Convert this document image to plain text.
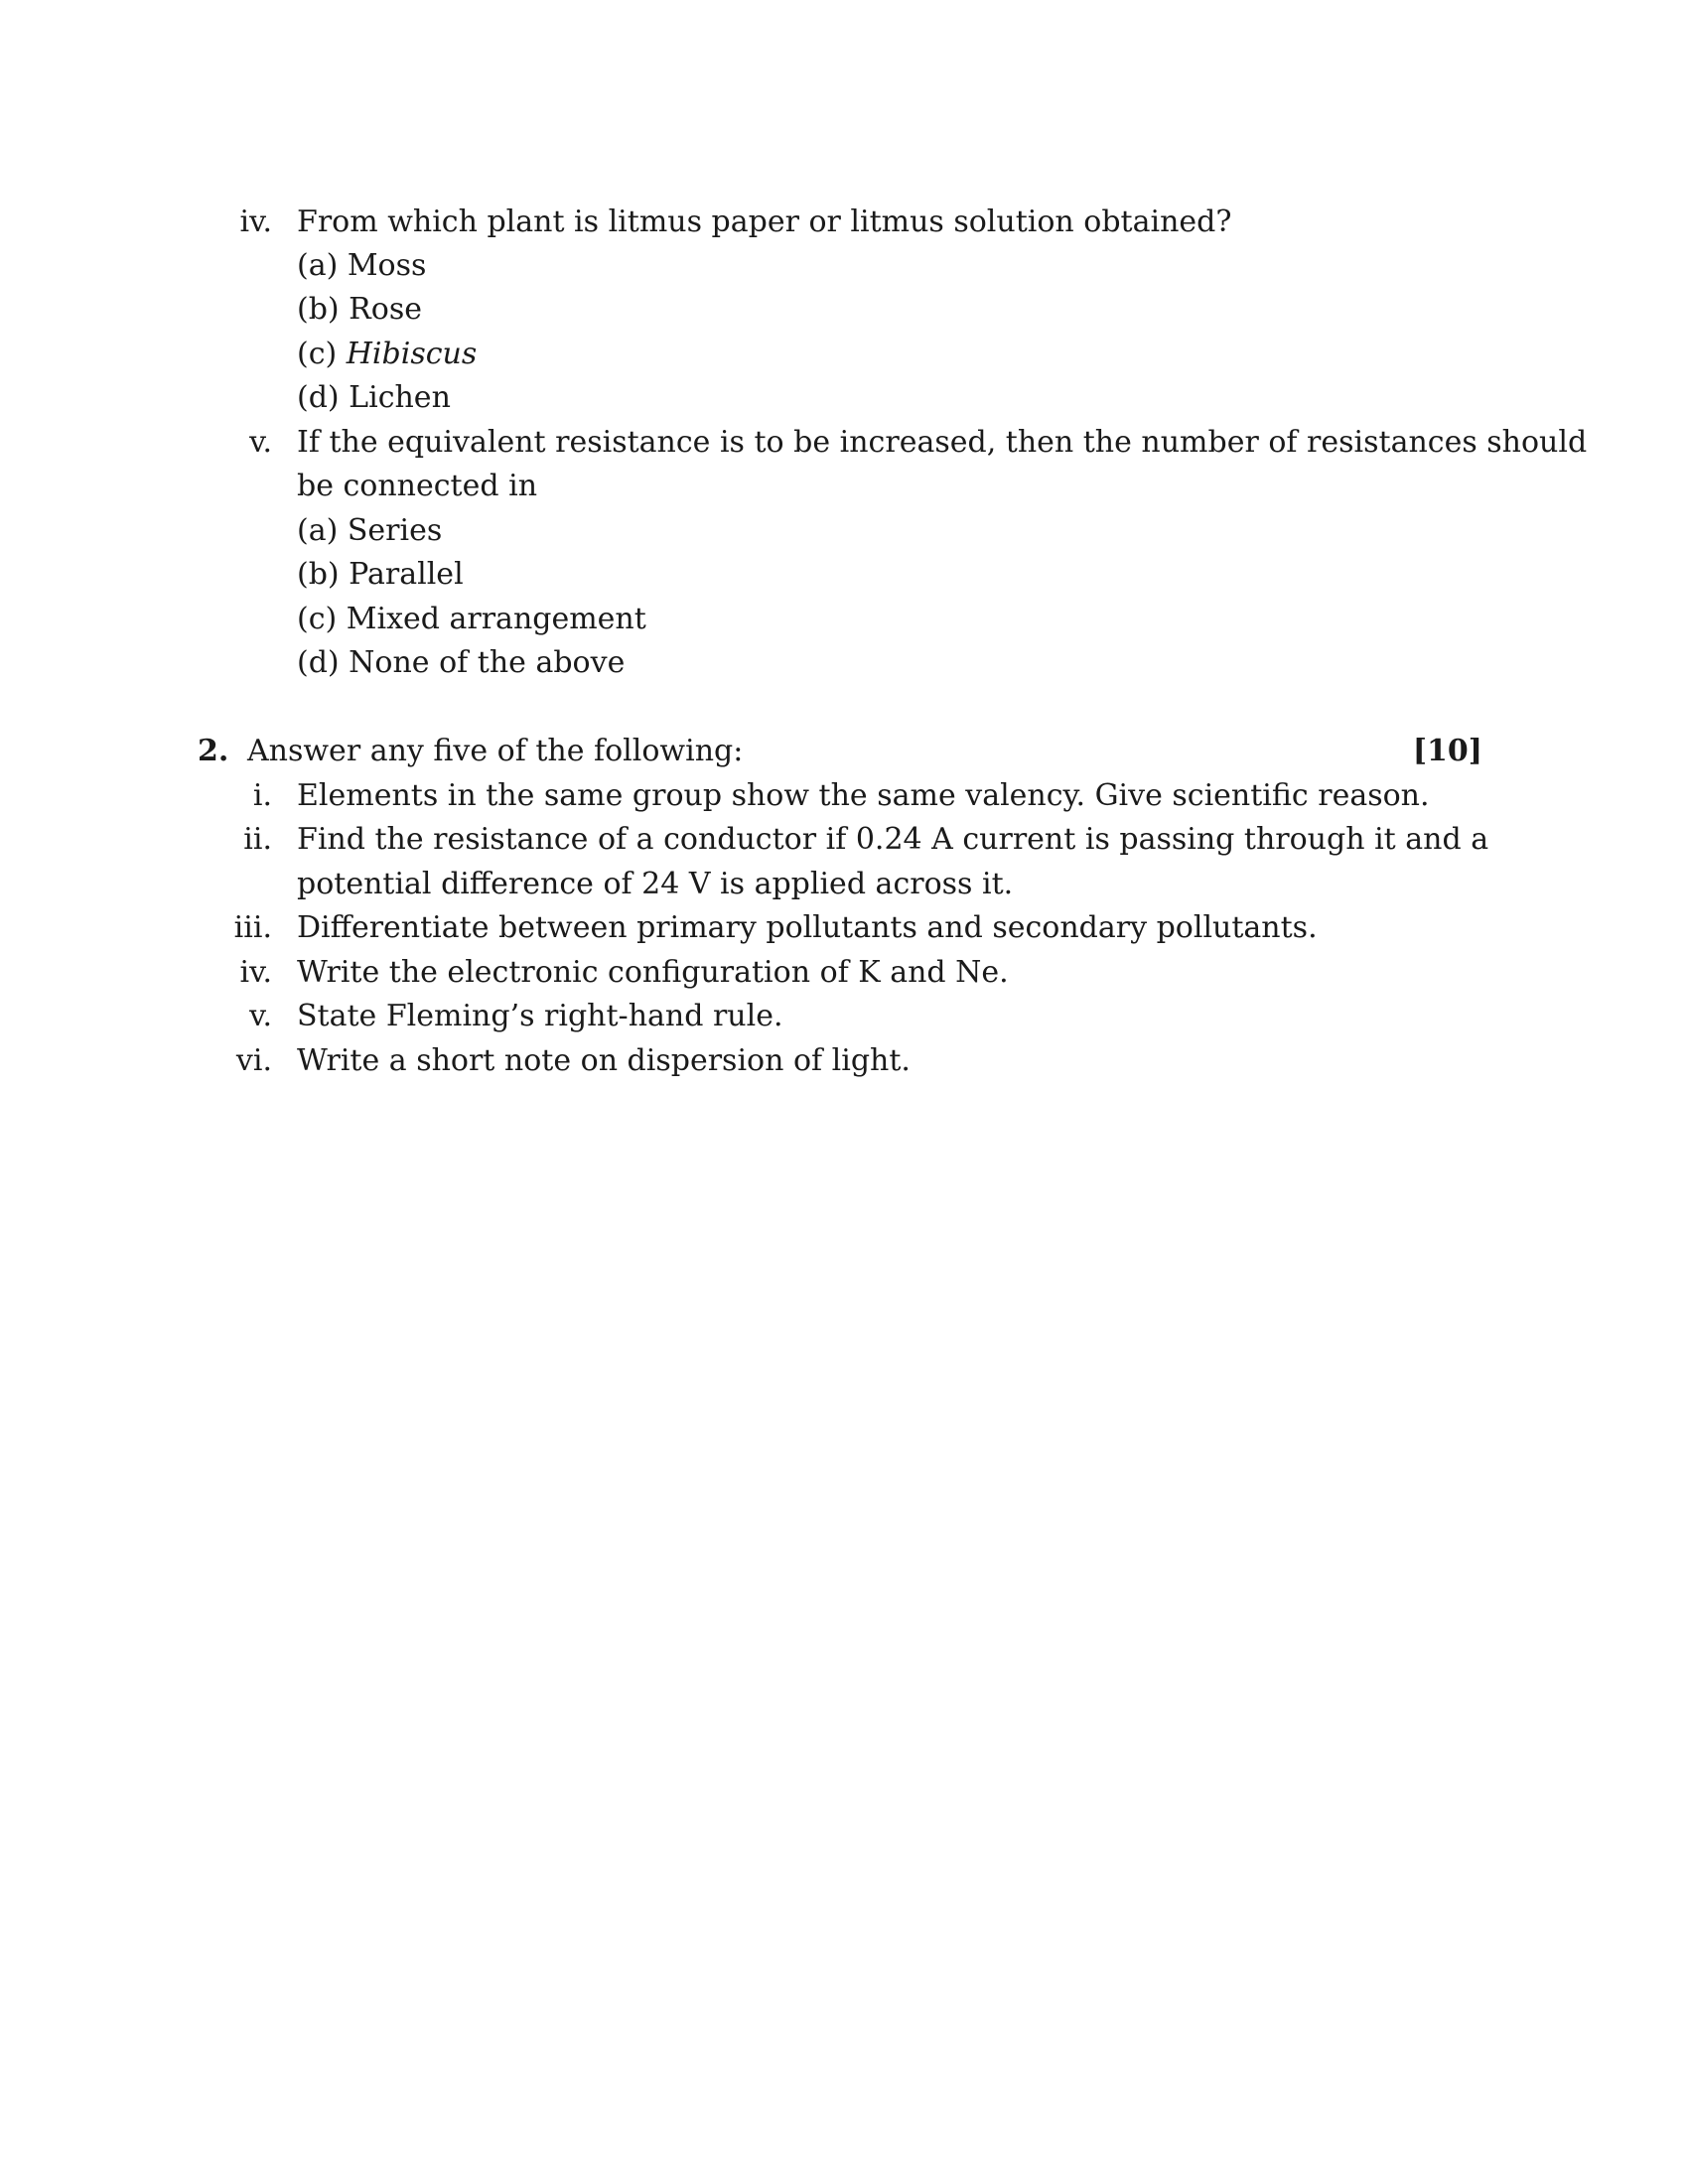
iv. From which plant is litmus paper or litmus solution obtained?
(a) Moss
(b) Rose
(c) Hibiscus
(d) Lichen
v. If the equivalent resistance is to be increased, then the number of resistances should
be connected in
(a) Series
(b) Parallel
(c) Mixed arrangement
(d) None of the above
2. Answer any five of the following:	[10]
i. Elements in the same group show the same valency. Give scientific reason.
ii. Find the resistance of a conductor if 0.24 A current is passing through it and a
potential difference of 24 V is applied across it.
iii. Differentiate between primary pollutants and secondary pollutants.
iv. Write the electronic configuration of K and Ne.
v. State Fleming’s right-hand rule.
vi. Write a short note on dispersion of light.
